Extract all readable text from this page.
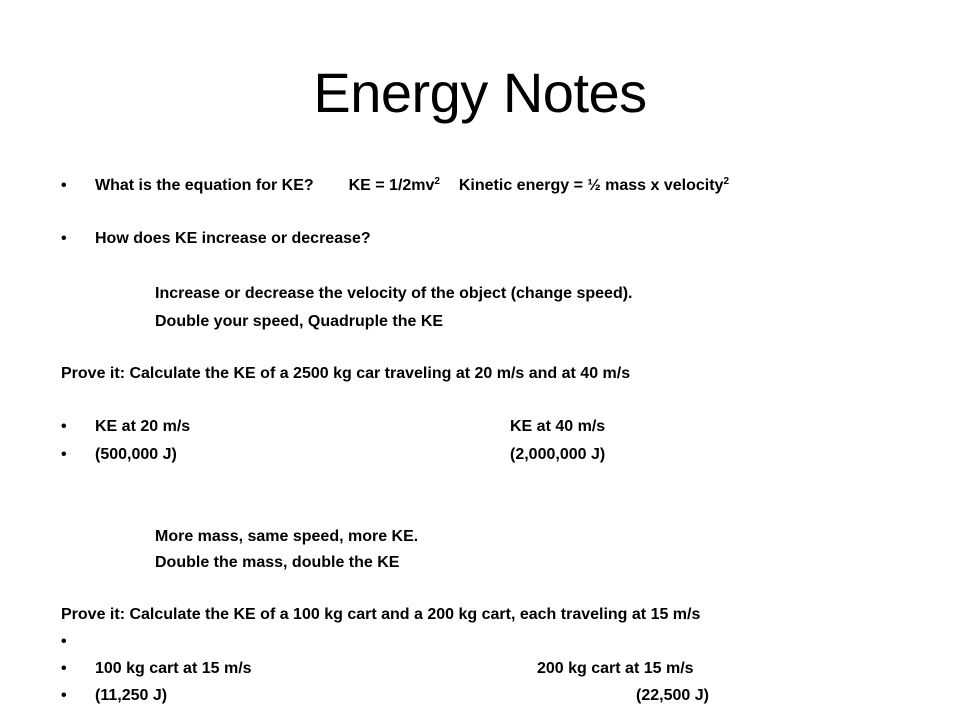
Energy Notes
• What is the equation for KE? KE = $1/2mv^2$ Kinetic energy = ½ mass x velocity$^2$
• How does KE increase or decrease?
Increase or decrease the velocity of the object (change speed).
Double your speed, Quadruple the KE
Prove it: Calculate the KE of a 2500 kg car traveling at 20 m/s and at 40 m/s
• KE at 20 m/s	KE at 40 m/s
• (500,000 J)	(2,000,000 J)
More mass, same speed, more KE.
Double the mass, double the KE
Prove it: Calculate the KE of a 100 kg cart and a 200 kg cart, each traveling at 15 m/s
•
• 100 kg cart at 15 m/s	200 kg cart at 15 m/s
• (11,250 J)	(22,500 J)
